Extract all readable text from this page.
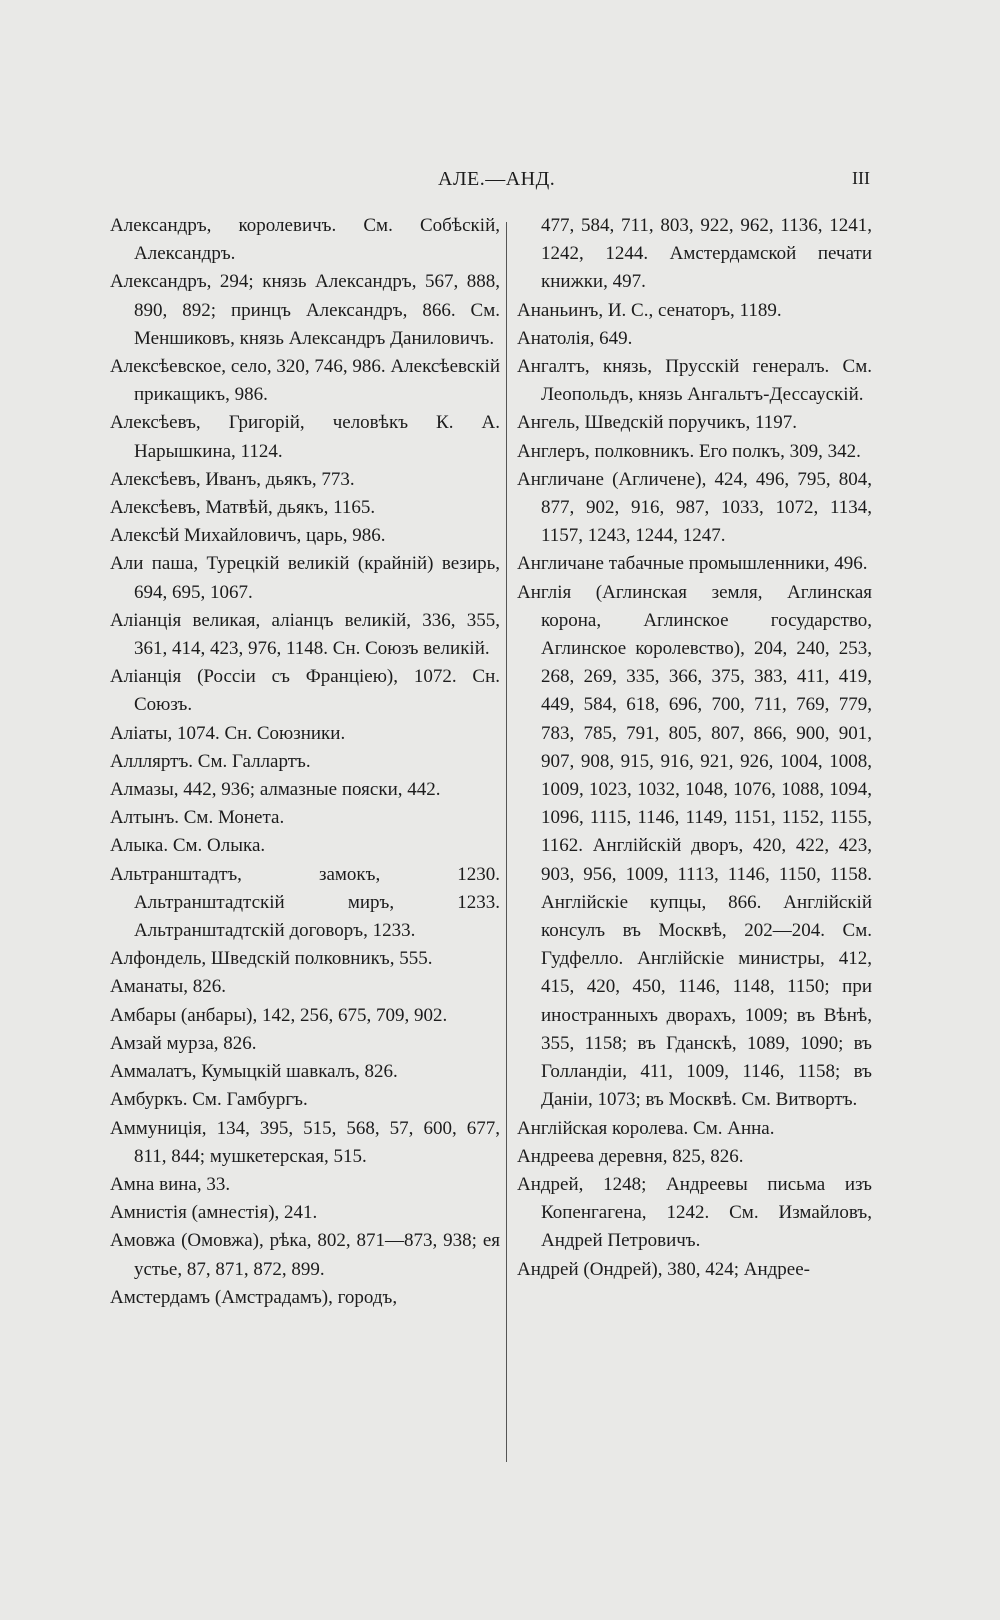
АЛЕ.—АНД.	III

Александръ, королевичъ. См. Собѣскій, Александръ.

Александръ, 294; князь Александръ, 567, 888, 890, 892; принцъ Александръ, 866. См. Меншиковъ, князь Александръ Даниловичъ.

Алексѣевское, село, 320, 746, 986. Алексѣевскій прикащикъ, 986.

Алексѣевъ, Григорій, человѣкъ К. А. Нарышкина, 1124.

Алексѣевъ, Иванъ, дьякъ, 773.

Алексѣевъ, Матвѣй, дьякъ, 1165.

Алексѣй Михайловичъ, царь, 986.

Али паша, Турецкій великій (крайній) везирь, 694, 695, 1067.

Аліанція великая, аліанцъ великій, 336, 355, 361, 414, 423, 976, 1148. Сн. Союзъ великій.

Аліанція (Россіи съ Франціею), 1072. Сн. Союзъ.

Аліаты, 1074. Сн. Союзники.

Аллляртъ. См. Галлартъ.

Алмазы, 442, 936; алмазные пояски, 442.

Алтынъ. См. Монета.

Алыка. См. Олыка.

Альтранштадтъ, замокъ, 1230. Альтранштадтскій миръ, 1233. Альтранштадтскій договоръ, 1233.

Алфондель, Шведскій полковникъ, 555.

Аманаты, 826.

Амбары (анбары), 142, 256, 675, 709, 902.

Амзай мурза, 826.

Аммалатъ, Кумыцкій шавкалъ, 826.

Амбуркъ. См. Гамбургъ.

Аммуниція, 134, 395, 515, 568, 57, 600, 677, 811, 844; мушкетерская, 515.

Амна вина, 33.

Амнистія (амнестія), 241.

Амовжа (Омовжа), рѣка, 802, 871—873, 938; ея устье, 87, 871, 872, 899.

Амстердамъ (Амстрадамъ), городъ,

477, 584, 711, 803, 922, 962, 1136, 1241, 1242, 1244. Амстердамской печати книжки, 497.

Ананьинъ, И. С., сенаторъ, 1189.

Анатолія, 649.

Ангалтъ, князь, Прусскій генералъ. См. Леопольдъ, князь Ангальтъ-Дессаускій.

Ангель, Шведскій поручикъ, 1197.

Англеръ, полковникъ. Его полкъ, 309, 342.

Англичане (Агличене), 424, 496, 795, 804, 877, 902, 916, 987, 1033, 1072, 1134, 1157, 1243, 1244, 1247.

Англичане табачные промышленники, 496.

Англія (Аглинская земля, Аглинская корона, Аглинское государство, Аглинское королевство), 204, 240, 253, 268, 269, 335, 366, 375, 383, 411, 419, 449, 584, 618, 696, 700, 711, 769, 779, 783, 785, 791, 805, 807, 866, 900, 901, 907, 908, 915, 916, 921, 926, 1004, 1008, 1009, 1023, 1032, 1048, 1076, 1088, 1094, 1096, 1115, 1146, 1149, 1151, 1152, 1155, 1162. Англійскій дворъ, 420, 422, 423, 903, 956, 1009, 1113, 1146, 1150, 1158. Англійскіе купцы, 866. Англійскій консулъ въ Москвѣ, 202—204. См. Гудфелло. Англійскіе министры, 412, 415, 420, 450, 1146, 1148, 1150; при иностранныхъ дворахъ, 1009; въ Вѣнѣ, 355, 1158; въ Гданскѣ, 1089, 1090; въ Голландіи, 411, 1009, 1146, 1158; въ Даніи, 1073; въ Москвѣ. См. Витвортъ.

Англійская королева. См. Анна.

Андреева деревня, 825, 826.

Андрей, 1248; Андреевы письма изъ Копенгагена, 1242. См. Измайловъ, Андрей Петровичъ.

Андрей (Ондрей), 380, 424; Андрее-
